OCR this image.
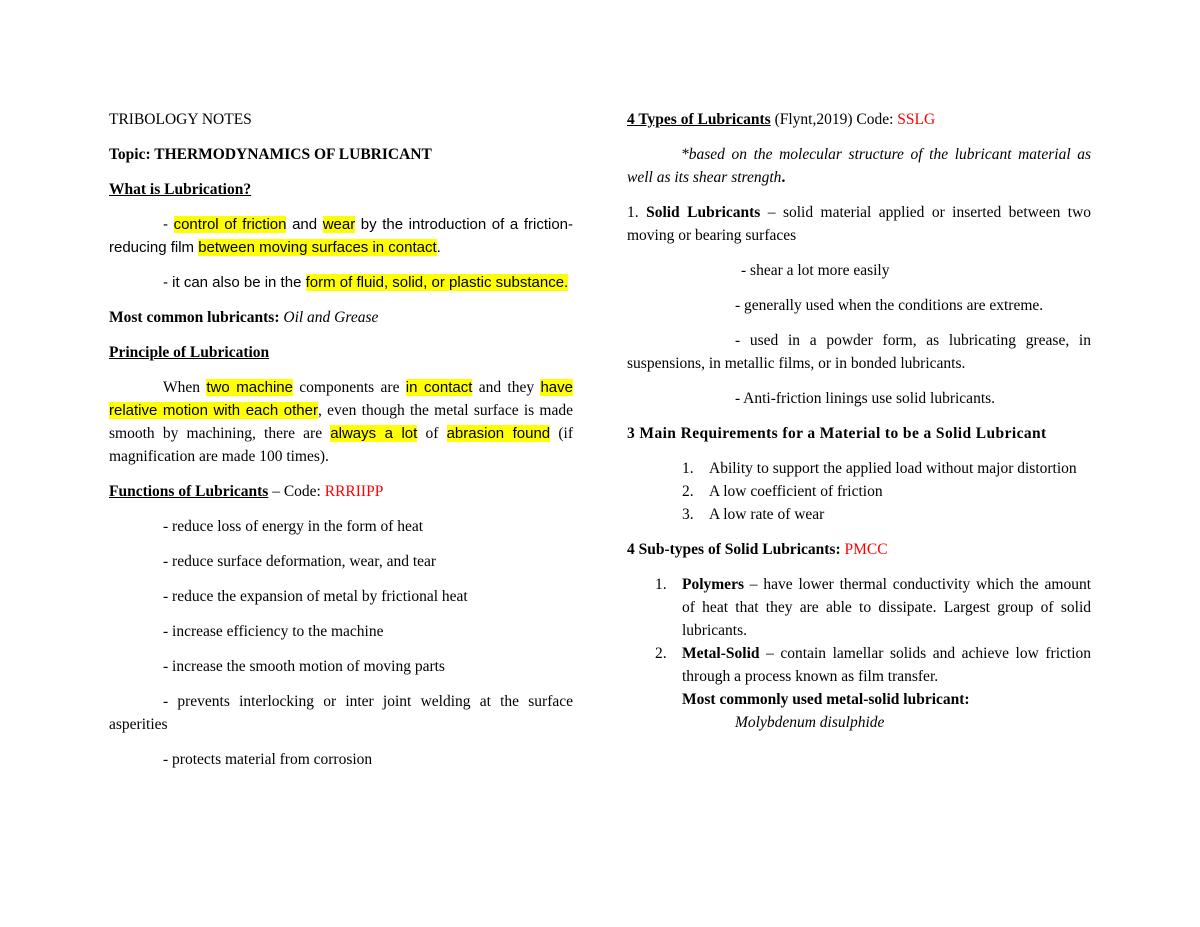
TRIBOLOGY NOTES

Topic: THERMODYNAMICS OF LUBRICANT

What is Lubrication?

- control of friction and wear by the introduction of a friction-reducing film between moving surfaces in contact.

- it can also be in the form of fluid, solid, or plastic substance.

Most common lubricants: Oil and Grease

Principle of Lubrication

When two machine components are in contact and they have relative motion with each other, even though the metal surface is made smooth by machining, there are always a lot of abrasion found (if magnification are made 100 times).

Functions of Lubricants – Code: RRRIIPP

- reduce loss of energy in the form of heat

- reduce surface deformation, wear, and tear

- reduce the expansion of metal by frictional heat

- increase efficiency to the machine

- increase the smooth motion of moving parts

- prevents interlocking or inter joint welding at the surface asperities

- protects material from corrosion

4 Types of Lubricants (Flynt,2019) Code: SSLG

*based on the molecular structure of the lubricant material as well as its shear strength.

1. Solid Lubricants – solid material applied or inserted between two moving or bearing surfaces

- shear a lot more easily

- generally used when the conditions are extreme.

- used in a powder form, as lubricating grease, in suspensions, in metallic films, or in bonded lubricants.

- Anti-friction linings use solid lubricants.

3 Main Requirements for a Material to be a Solid Lubricant

1. Ability to support the applied load without major distortion
2. A low coefficient of friction
3. A low rate of wear

4 Sub-types of Solid Lubricants: PMCC

1. Polymers – have lower thermal conductivity which the amount of heat that they are able to dissipate. Largest group of solid lubricants.
2. Metal-Solid – contain lamellar solids and achieve low friction through a process known as film transfer.

Most commonly used metal-solid lubricant:

Molybdenum disulphide
